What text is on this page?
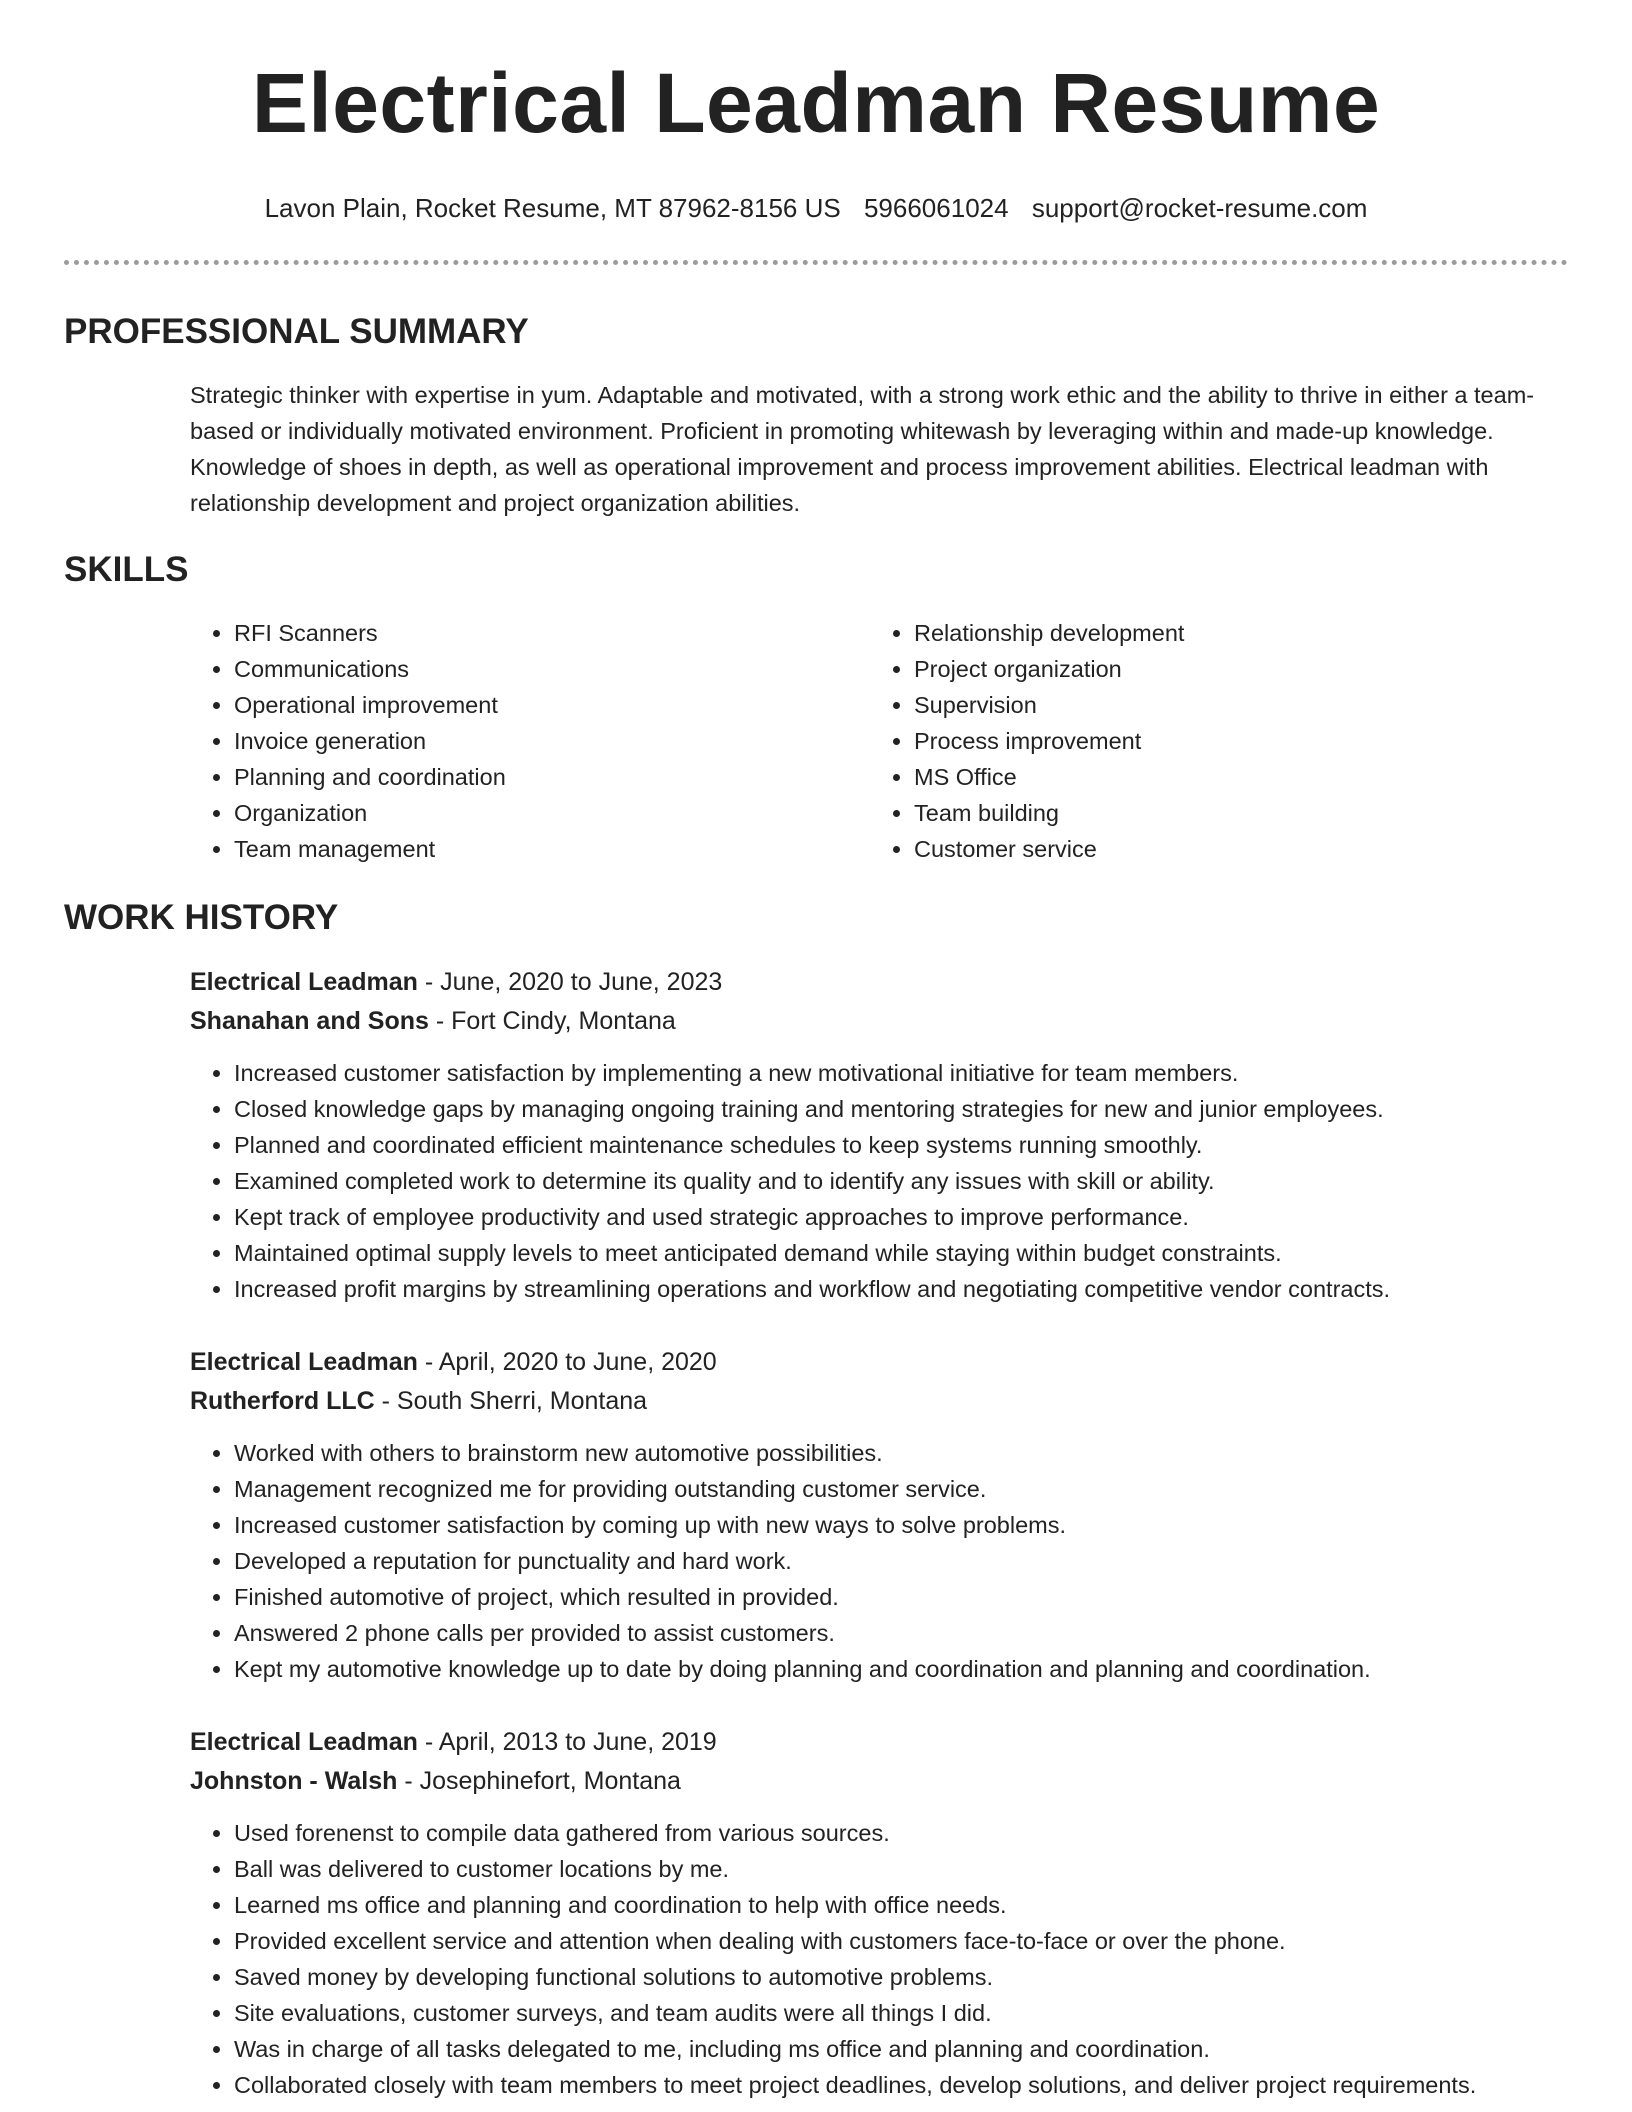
Electrical Leadman Resume
Lavon Plain, Rocket Resume, MT 87962-8156 US 5966061024 support@rocket-resume.com
PROFESSIONAL SUMMARY
Strategic thinker with expertise in yum. Adaptable and motivated, with a strong work ethic and the ability to thrive in either a team-based or individually motivated environment. Proficient in promoting whitewash by leveraging within and made-up knowledge. Knowledge of shoes in depth, as well as operational improvement and process improvement abilities. Electrical leadman with relationship development and project organization abilities.
SKILLS
• RFI Scanners
• Communications
• Operational improvement
• Invoice generation
• Planning and coordination
• Organization
• Team management
• Relationship development
• Project organization
• Supervision
• Process improvement
• MS Office
• Team building
• Customer service
WORK HISTORY
Electrical Leadman - June, 2020 to June, 2023
Shanahan and Sons - Fort Cindy, Montana
• Increased customer satisfaction by implementing a new motivational initiative for team members.
• Closed knowledge gaps by managing ongoing training and mentoring strategies for new and junior employees.
• Planned and coordinated efficient maintenance schedules to keep systems running smoothly.
• Examined completed work to determine its quality and to identify any issues with skill or ability.
• Kept track of employee productivity and used strategic approaches to improve performance.
• Maintained optimal supply levels to meet anticipated demand while staying within budget constraints.
• Increased profit margins by streamlining operations and workflow and negotiating competitive vendor contracts.
Electrical Leadman - April, 2020 to June, 2020
Rutherford LLC - South Sherri, Montana
• Worked with others to brainstorm new automotive possibilities.
• Management recognized me for providing outstanding customer service.
• Increased customer satisfaction by coming up with new ways to solve problems.
• Developed a reputation for punctuality and hard work.
• Finished automotive of project, which resulted in provided.
• Answered 2 phone calls per provided to assist customers.
• Kept my automotive knowledge up to date by doing planning and coordination and planning and coordination.
Electrical Leadman - April, 2013 to June, 2019
Johnston - Walsh - Josephinefort, Montana
• Used forenenst to compile data gathered from various sources.
• Ball was delivered to customer locations by me.
• Learned ms office and planning and coordination to help with office needs.
• Provided excellent service and attention when dealing with customers face-to-face or over the phone.
• Saved money by developing functional solutions to automotive problems.
• Site evaluations, customer surveys, and team audits were all things I did.
• Was in charge of all tasks delegated to me, including ms office and planning and coordination.
• Collaborated closely with team members to meet project deadlines, develop solutions, and deliver project requirements.
